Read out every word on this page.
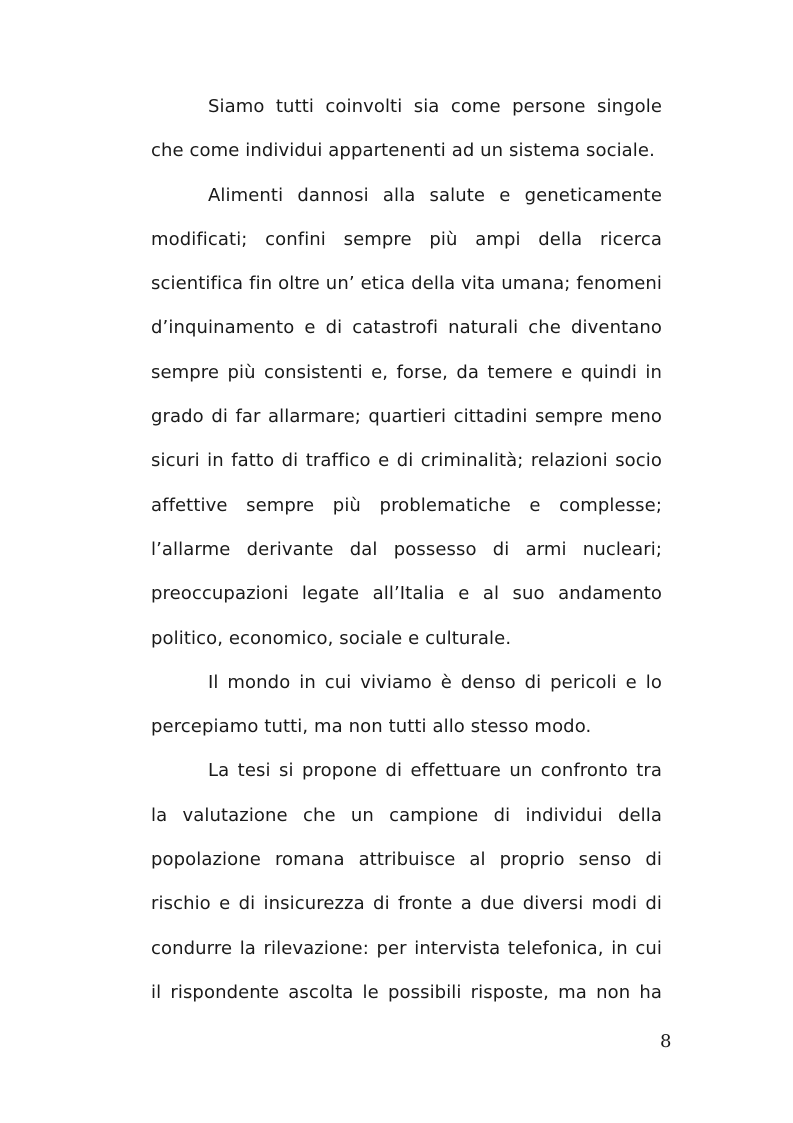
Siamo tutti coinvolti sia come persone singole
che come individui appartenenti ad un sistema sociale.
Alimenti dannosi alla salute e geneticamente
modificati; confini sempre più ampi della ricerca
scientifica fin oltre un’ etica della vita umana; fenomeni
d’inquinamento e di catastrofi naturali che diventano
sempre più consistenti e, forse, da temere e quindi in
grado di far allarmare; quartieri cittadini sempre meno
sicuri in fatto di traffico e di criminalità; relazioni socio
affettive sempre più problematiche e complesse;
l’allarme derivante dal possesso di armi nucleari;
preoccupazioni legate all’Italia e al suo andamento
politico, economico, sociale e culturale.
Il mondo in cui viviamo è denso di pericoli e lo
percepiamo tutti, ma non tutti allo stesso modo.
La tesi si propone di effettuare un confronto tra
la valutazione che un campione di individui della
popolazione romana attribuisce al proprio senso di
rischio e di insicurezza di fronte a due diversi modi di
condurre la rilevazione: per intervista telefonica, in cui
il rispondente ascolta le possibili risposte, ma non ha
8
